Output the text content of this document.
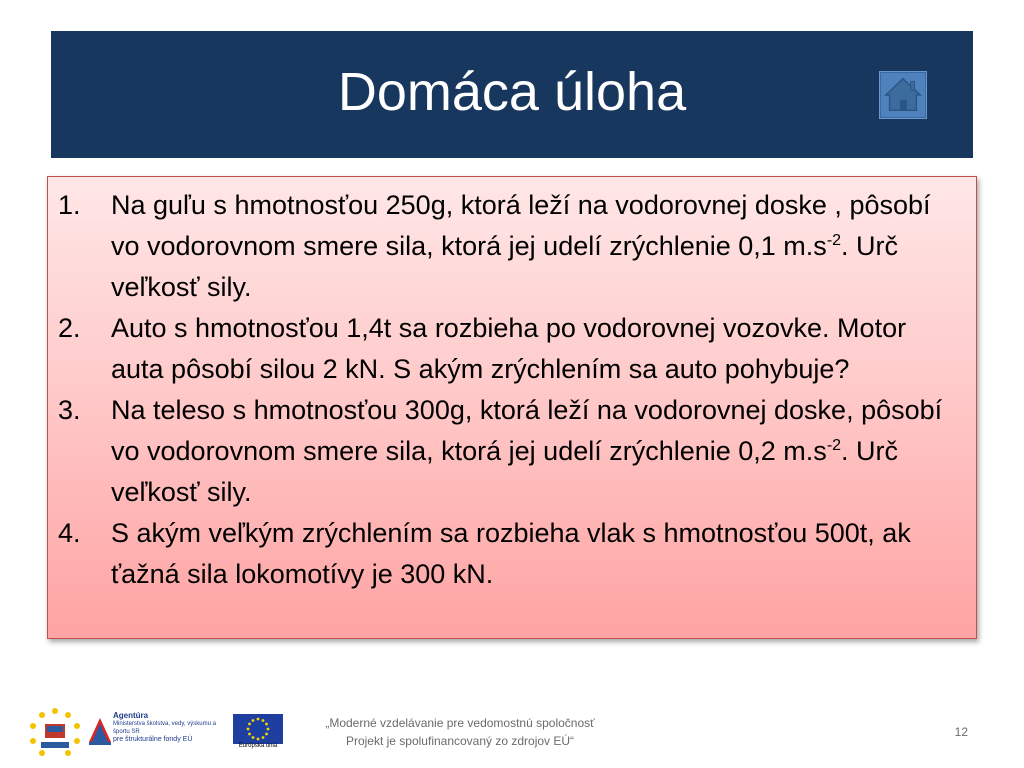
Domáca úloha
1. Na guľu s hmotnosťou 250g, ktorá leží na vodorovnej doske , pôsobí vo vodorovnom smere sila, ktorá jej udelí zrýchlenie 0,1 $m.s^{-2}$. Urč veľkosť sily.
2. Auto s hmotnosťou 1,4t sa rozbieha po vodorovnej vozovke. Motor auta pôsobí silou 2 kN. S akým zrýchlením sa auto pohybuje?
3. Na teleso s hmotnosťou 300g, ktorá leží na vodorovnej doske, pôsobí vo vodorovnom smere sila, ktorá jej udelí zrýchlenie 0,2 $m.s^{-2}$. Urč veľkosť sily.
4. S akým veľkým zrýchlením sa rozbieha vlak s hmotnosťou 500t, ak ťažná sila lokomotívy je 300 kN.
Agentúra
Ministerstva školstva, vedy, výskumu a športu SR
pre štrukturálne fondy EÚ
Európska únia
„Moderné vzdelávanie pre vedomostnú spoločnosť
Projekt je spolufinancovaný zo zdrojov EÚ“
12
